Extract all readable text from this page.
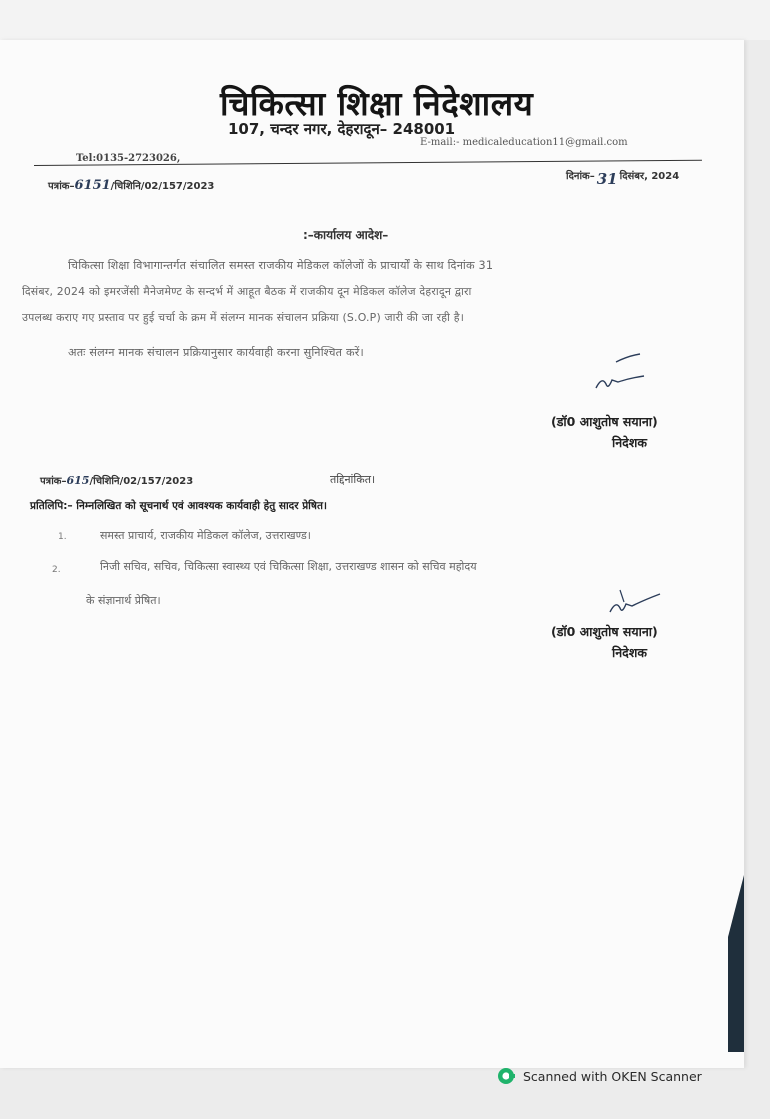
चिकित्सा शिक्षा निदेशालय
107, चन्दर नगर, देहरादून– 248001
E-mail:- medicaleducation11@gmail.com
Tel:0135-2723026,
पत्रांक–6151/चिशिनि/02/157/2023
दिनांक– 31 दिसंबर, 2024
:–कार्यालय आदेश–
चिकित्सा शिक्षा विभागान्तर्गत संचालित समस्त राजकीय मेडिकल कॉलेजों के प्राचार्यों के साथ दिनांक 31
दिसंबर, 2024 को इमरजेंसी मैनेजमेण्ट के सन्दर्भ में आहूत बैठक में राजकीय दून मेडिकल कॉलेज देहरादून द्वारा
उपलब्ध कराए गए प्रस्ताव पर हुई चर्चा के क्रम में संलग्न मानक संचालन प्रक्रिया (S.O.P) जारी की जा रही है।
अतः संलग्न मानक संचालन प्रक्रियानुसार कार्यवाही करना सुनिश्चित करें।
(डॉ0 आशुतोष सयाना)
निदेशक
पत्रांक–615/चिशिनि/02/157/2023	तद्दिनांकित।
प्रतिलिपि:– निम्नलिखित को सूचनार्थ एवं आवश्यक कार्यवाही हेतु सादर प्रेषित।
1.	समस्त प्राचार्य, राजकीय मेडिकल कॉलेज, उत्तराखण्ड।
2.	निजी सचिव, सचिव, चिकित्सा स्वास्थ्य एवं चिकित्सा शिक्षा, उत्तराखण्ड शासन को सचिव महोदय
के संज्ञानार्थ प्रेषित।
(डॉ0 आशुतोष सयाना)
निदेशक
Scanned with OKEN Scanner
